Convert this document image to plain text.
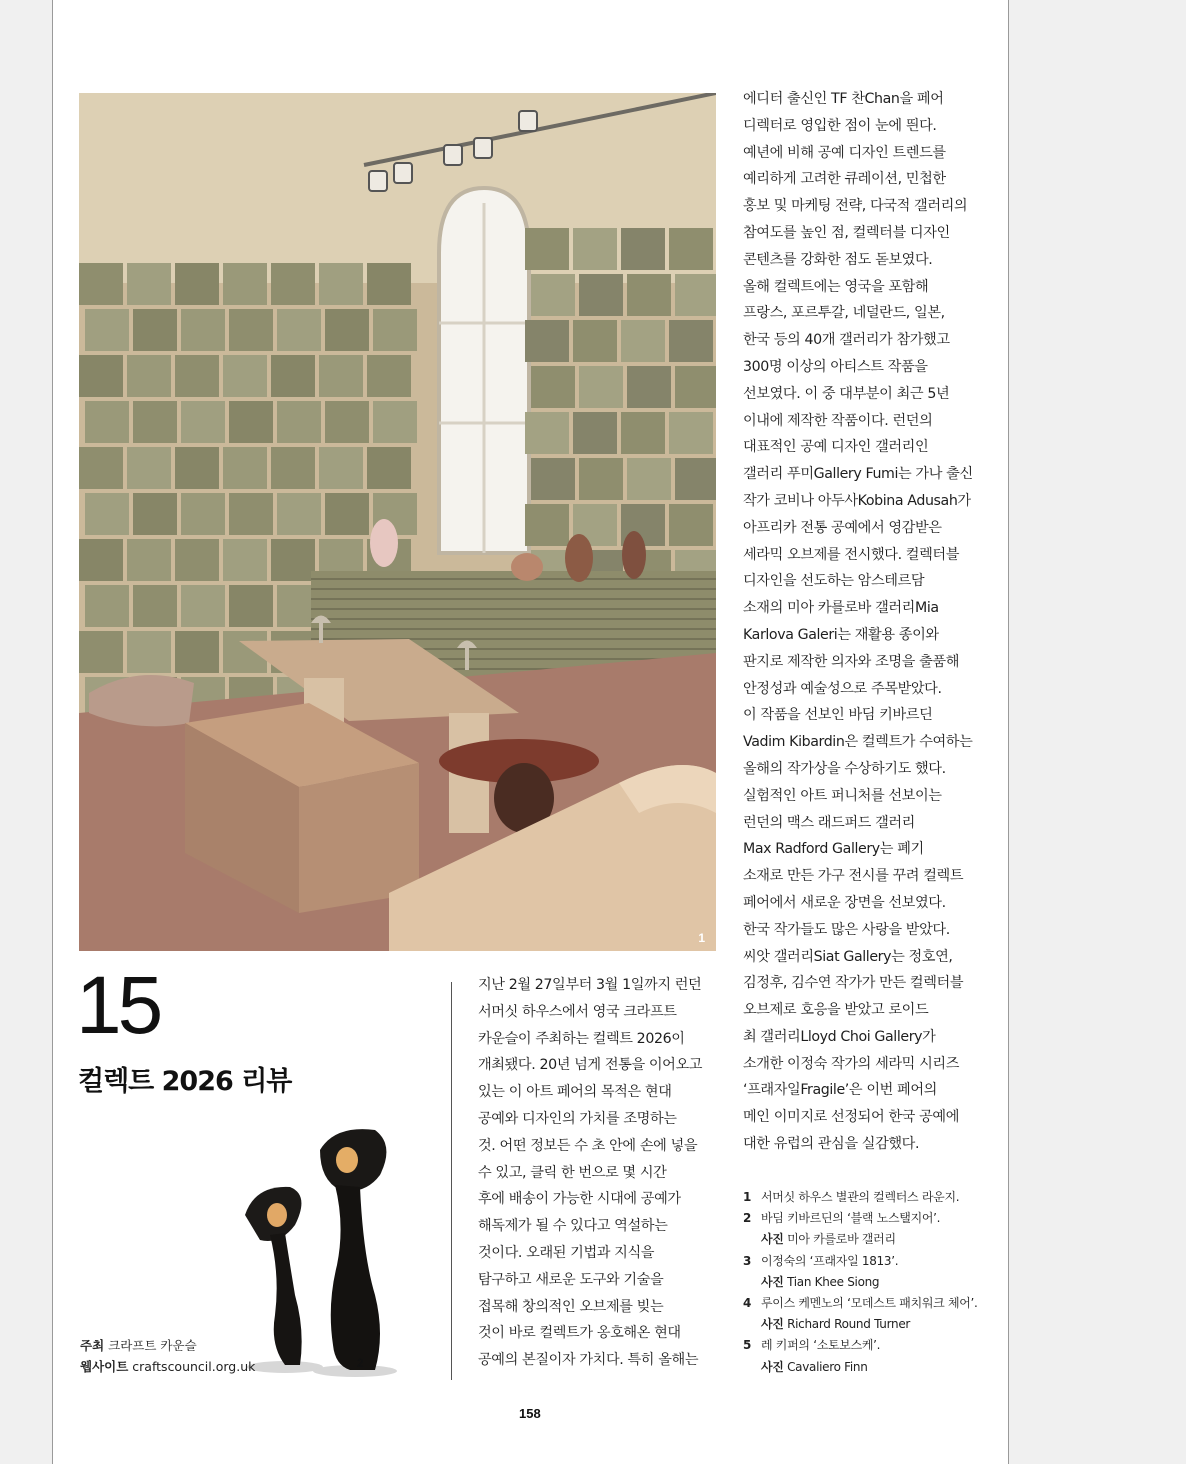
1
15
컬렉트 2026 리뷰
2
주최 크라프트 카운슬
웹사이트 craftscouncil.org.uk
지난 2월 27일부터 3월 1일까지 런던
서머싯 하우스에서 영국 크라프트
카운슬이 주최하는 컬렉트 2026이
개최됐다. 20년 넘게 전통을 이어오고
있는 이 아트 페어의 목적은 현대
공예와 디자인의 가치를 조명하는
것. 어떤 정보든 수 초 안에 손에 넣을
수 있고, 클릭 한 번으로 몇 시간
후에 배송이 가능한 시대에 공예가
해독제가 될 수 있다고 역설하는
것이다. 오래된 기법과 지식을
탐구하고 새로운 도구와 기술을
접목해 창의적인 오브제를 빚는
것이 바로 컬렉트가 옹호해온 현대
공예의 본질이자 가치다. 특히 올해는
에디터 출신인 TF 찬Chan을 페어
디렉터로 영입한 점이 눈에 띈다.
예년에 비해 공예 디자인 트렌드를
예리하게 고려한 큐레이션, 민첩한
홍보 및 마케팅 전략, 다국적 갤러리의
참여도를 높인 점, 컬렉터블 디자인
콘텐츠를 강화한 점도 돋보였다.
올해 컬렉트에는 영국을 포함해
프랑스, 포르투갈, 네덜란드, 일본,
한국 등의 40개 갤러리가 참가했고
300명 이상의 아티스트 작품을
선보였다. 이 중 대부분이 최근 5년
이내에 제작한 작품이다. 런던의
대표적인 공예 디자인 갤러리인
갤러리 푸미Gallery Fumi는 가나 출신
작가 코비나 아두사Kobina Adusah가
아프리카 전통 공예에서 영감받은
세라믹 오브제를 전시했다. 컬렉터블
디자인을 선도하는 암스테르담
소재의 미아 카를로바 갤러리Mia
Karlova Galeri는 재활용 종이와
판지로 제작한 의자와 조명을 출품해
안정성과 예술성으로 주목받았다.
이 작품을 선보인 바딤 키바르딘
Vadim Kibardin은 컬렉트가 수여하는
올해의 작가상을 수상하기도 했다.
실험적인 아트 퍼니처를 선보이는
런던의 맥스 래드퍼드 갤러리
Max Radford Gallery는 폐기
소재로 만든 가구 전시를 꾸려 컬렉트
페어에서 새로운 장면을 선보였다.
한국 작가들도 많은 사랑을 받았다.
씨앗 갤러리Siat Gallery는 정호연,
김정후, 김수연 작가가 만든 컬렉터블
오브제로 호응을 받았고 로이드
최 갤러리Lloyd Choi Gallery가
소개한 이정숙 작가의 세라믹 시리즈
‘프래자일Fragile’은 이번 페어의
메인 이미지로 선정되어 한국 공예에
대한 유럽의 관심을 실감했다.
1 서머싯 하우스 별관의 컬렉터스 라운지.
2 바딤 키바르딘의 ‘블랙 노스탤지어’.
사진 미아 카를로바 갤러리
3 이정숙의 ‘프래자일 1813’.
사진 Tian Khee Siong
4 루이스 케멘노의 ‘모데스트 패치워크 체어’.
사진 Richard Round Turner
5 레 키퍼의 ‘소토보스케’.
사진 Cavaliero Finn
158
